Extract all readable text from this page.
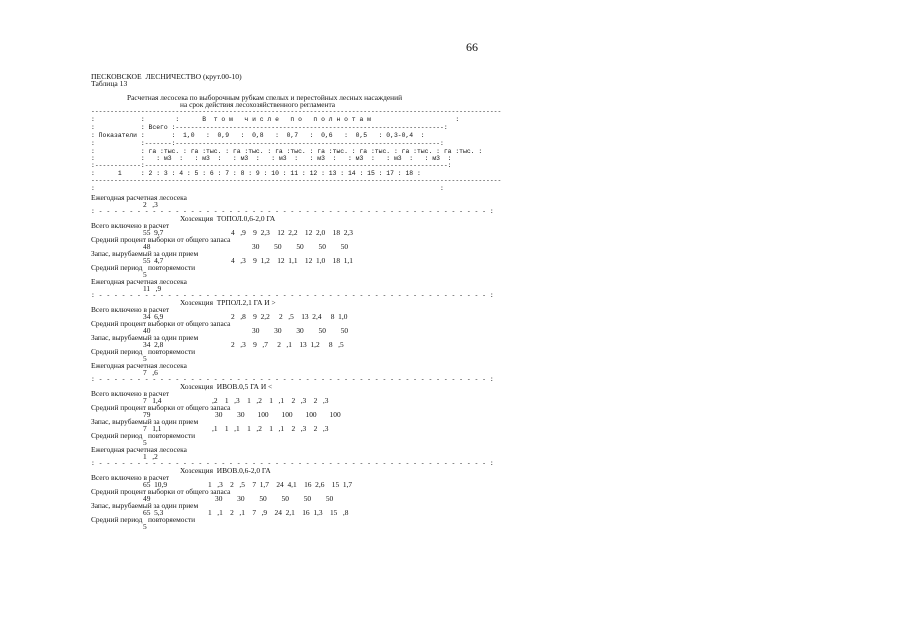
66
ПЕСКОВСКОЕ  ЛЕСНИЧЕСТВО (крут.00-10)
Таблица 13
Расчетная лесосека по выборочным рубкам спелых и перестойных лесных насаждений
на срок действия лесохозяйственного регламента
-----------------------------------------------------------------------------------------------------------
:            :        :      В  т о м   ч и с л е   п о   п о л н о т а м                      :
:            : Всего :----------------------------------------------------------------------:
: Показатели :       :  1,0   :  0,9   :  0,8   :  0,7   :  0,6   :  0,5   : 0,3-0,4  :
:            :-------:---------------------------------------------------------------------:
:            : га :тыс. : га :тыс. : га :тыс. : га :тыс. : га :тыс. : га :тыс. : га :тыс. : га :тыс. :
:            :   : м3  :   : м3  :   : м3  :   : м3  :   : м3  :   : м3  :   : м3  :   : м3  :
:------------:-------------------------------------------------------------------------------:
:      1     : 2 : 3 : 4 : 5 : 6 : 7 : 8 : 9 : 10 : 11 : 12 : 13 : 14 : 15 : 17 : 18 :
-----------------------------------------------------------------------------------------------------------
:                                                                                          :
Ежегодная расчетная лесосека
2   ,3
: - - - - - - - - - - - - - - - - - - - - - - - - - - - - - - - - - - - - - - - - - - - - - - - - - - - :
Хозсекция  ТОПОЛ.0,6-2,0 ГА
Всего включено в расчет
55  9,7	4   ,9    9  2,3    12  2,2    12  2,0    18  2,3
Средний процент выборки от общего запаса
48	30        50        50        50        50
Запас, вырубаемый за один прием
55  4,7	4   ,3    9  1,2    12  1,1    12  1,0    18  1,1
Средний период   повторяемости
5
Ежегодная расчетная лесосека
11   ,9
: - - - - - - - - - - - - - - - - - - - - - - - - - - - - - - - - - - - - - - - - - - - - - - - - - - - :
Хозсекция  ТРПОЛ.2,1 ГА И >
Всего включено в расчет
34  6,9	2   ,8    9  2,2     2   ,5    13  2,4     8  1,0
Средний процент выборки от общего запаса
40	30        30        30        50        50
Запас, вырубаемый за один прием
34  2,8	2   ,3    9   ,7     2   ,1    13  1,2     8   ,5
Средний период   повторяемости
5
Ежегодная расчетная лесосека
7   ,6
: - - - - - - - - - - - - - - - - - - - - - - - - - - - - - - - - - - - - - - - - - - - - - - - - - - - :
Хозсекция  ИВОВ.0,5 ГА И <
Всего включено в расчет
7   1,4	,2    1   ,3    1   ,2    1   ,1    2   ,3    2   ,3
Средний процент выборки от общего запаса
79	30        30       100       100       100       100
Запас, вырубаемый за один прием
7   1,1	,1    1   ,1    1   ,2    1   ,1    2   ,3    2   ,3
Средний период   повторяемости
5
Ежегодная расчетная лесосека
1   ,2
: - - - - - - - - - - - - - - - - - - - - - - - - - - - - - - - - - - - - - - - - - - - - - - - - - - - :
Хозсекция  ИВОВ.0,6-2,0 ГА
Всего включено в расчет
65  10,9	1   ,3    2   ,5    7  1,7    24  4,1    16  2,6    15  1,7
Средний процент выборки от общего запаса
49	30        30        50        50        50        50
Запас, вырубаемый за один прием
65  5,3	1   ,1    2   ,1    7   ,9    24  2,1    16  1,3    15   ,8
Средний период   повторяемости
5
